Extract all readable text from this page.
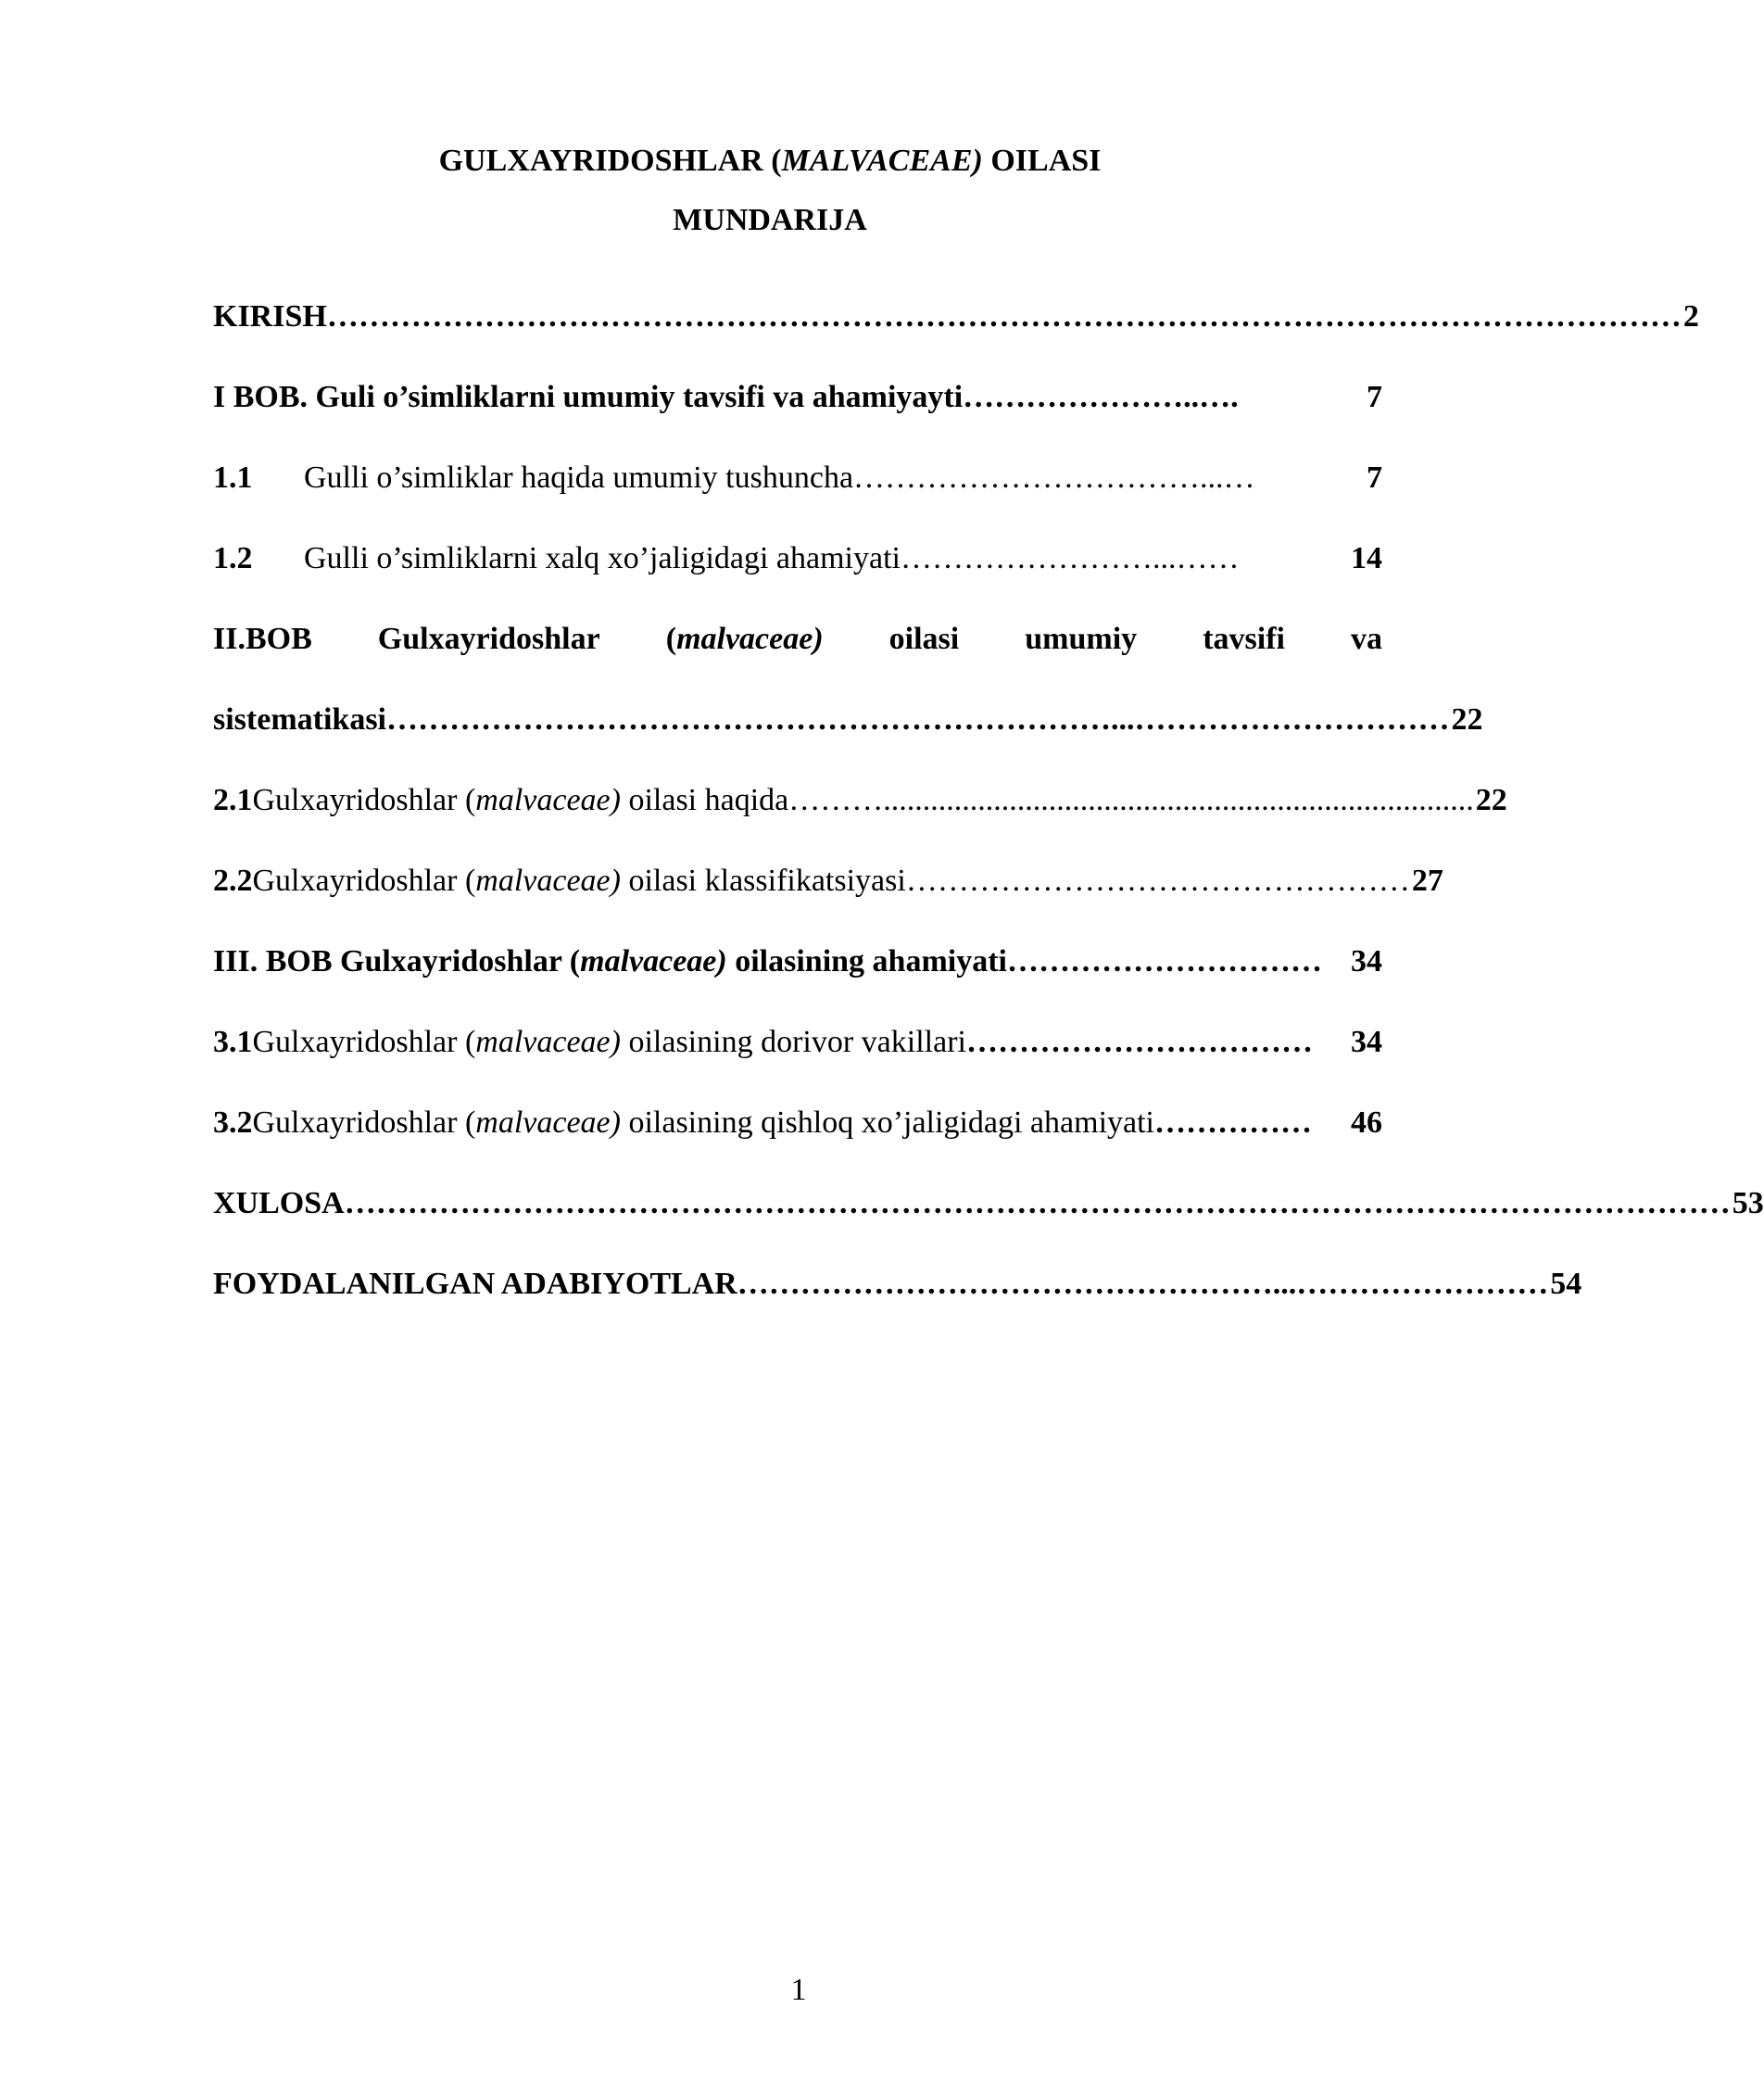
GULXAYRIDOSHLAR (MALVACEAE) OILASI
MUNDARIJA
KIRISH ………………………………………………………………………………………………………………… 2
I BOB. Guli o’simliklarni umumiy tavsifi va ahamiyayti …………………..….	7
1.1	Gulli o’simliklar haqida umumiy tushuncha ……………………………...…	7
1.2	Gulli o’simliklarni xalq xo’jaligidagi ahamiyati ……………………...……	14
II.BOB Gulxayridoshlar (malvaceae) oilasi umumiy tavsifi va
sistematikasi ……………………………………………………………...………………………… 22
2.1 Gulxayridoshlar (malvaceae) oilasi haqida ………........................................................................... 22
2.2 Gulxayridoshlar (malvaceae) oilasi klassifikatsiyasi ………………………………………… 27
III. BOB Gulxayridoshlar (malvaceae) oilasining ahamiyati ………………………… 34
3.1 Gulxayridoshlar (malvaceae) oilasining dorivor vakillari ……………………………	34
3.2 Gulxayridoshlar (malvaceae) oilasining qishloq xo’jaligidagi ahamiyati ……………	46
XULOSA …………………………………………………………………………………………………………………… 53
FOYDALANILGAN ADABIYOTLAR ……………………………………………...…………………… 54
1
